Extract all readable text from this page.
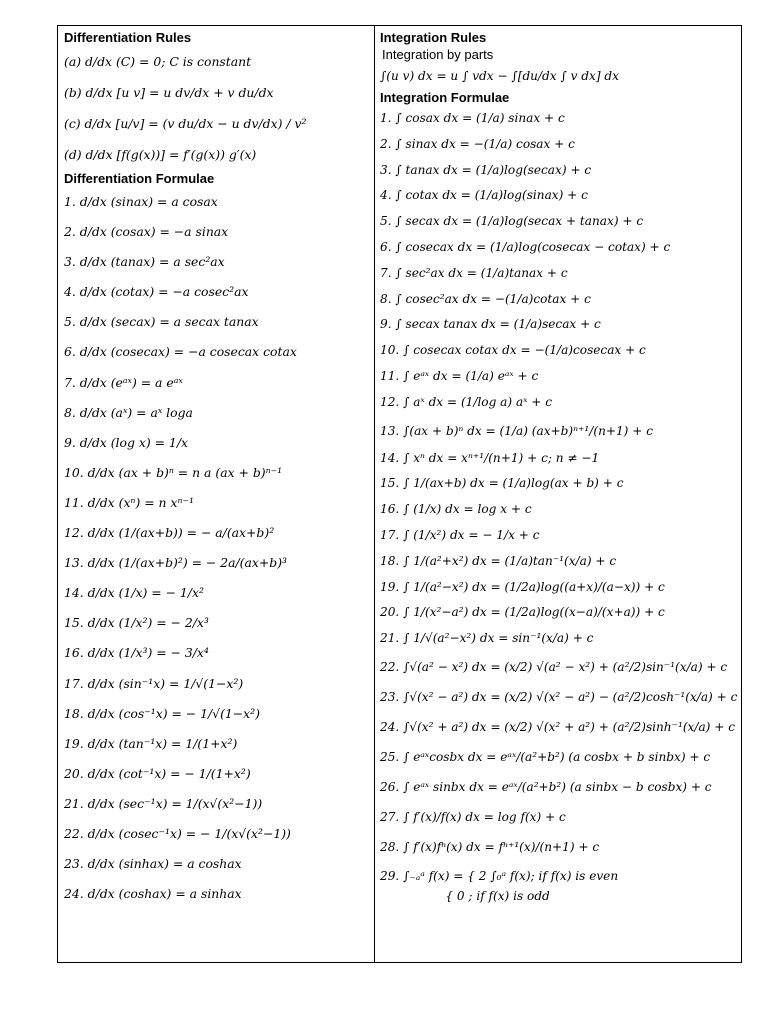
Differentiation Rules

(a) d/dx (C) = 0; C is constant

(b) d/dx [u v] = u dv/dx + v du/dx

(c) d/dx [u/v] = (v du/dx − u dv/dx) / v²

(d) d/dx [f(g(x))] = f′(g(x)) g′(x)

Differentiation Formulae

1. d/dx (sinax) = a cosax

2. d/dx (cosax) = −a sinax

3. d/dx (tanax) = a sec²ax

4. d/dx (cotax) = −a cosec²ax

5. d/dx (secax) = a secax tanax

6. d/dx (cosecax) = −a cosecax cotax

7. d/dx (eᵃˣ) = a eᵃˣ

8. d/dx (aˣ) = aˣ loga

9. d/dx (log x) = 1/x

10. d/dx (ax + b)ⁿ = n a (ax + b)ⁿ⁻¹

11. d/dx (xⁿ) = n xⁿ⁻¹

12. d/dx (1/(ax+b)) = − a/(ax+b)²

13. d/dx (1/(ax+b)²) = − 2a/(ax+b)³

14. d/dx (1/x) = − 1/x²

15. d/dx (1/x²) = − 2/x³

16. d/dx (1/x³) = − 3/x⁴

17. d/dx (sin⁻¹x) = 1/√(1−x²)

18. d/dx (cos⁻¹x) = − 1/√(1−x²)

19. d/dx (tan⁻¹x) = 1/(1+x²)

20. d/dx (cot⁻¹x) = − 1/(1+x²)

21. d/dx (sec⁻¹x) = 1/(x√(x²−1))

22. d/dx (cosec⁻¹x) = − 1/(x√(x²−1))

23. d/dx (sinhax) = a coshax

24. d/dx (coshax) = a sinhax

Integration Rules

Integration by parts

∫(u v) dx = u ∫ vdx − ∫[du/dx ∫ v dx] dx

Integration Formulae

1. ∫ cosax dx = (1/a) sinax + c

2. ∫ sinax dx = −(1/a) cosax + c

3. ∫ tanax dx = (1/a)log(secax) + c

4. ∫ cotax dx = (1/a)log(sinax) + c

5. ∫ secax dx = (1/a)log(secax + tanax) + c

6. ∫ cosecax dx = (1/a)log(cosecax − cotax) + c

7. ∫ sec²ax dx = (1/a)tanax + c

8. ∫ cosec²ax dx = −(1/a)cotax + c

9. ∫ secax tanax dx = (1/a)secax + c

10. ∫ cosecax cotax dx = −(1/a)cosecax + c

11. ∫ eᵃˣ dx = (1/a) eᵃˣ + c

12. ∫ aˣ dx = (1/log a) aˣ + c

13. ∫(ax + b)ⁿ dx = (1/a) (ax+b)ⁿ⁺¹/(n+1) + c

14. ∫ xⁿ dx = xⁿ⁺¹/(n+1) + c; n ≠ −1

15. ∫ 1/(ax+b) dx = (1/a)log(ax + b) + c

16. ∫ (1/x) dx = log x + c

17. ∫ (1/x²) dx = − 1/x + c

18. ∫ 1/(a²+x²) dx = (1/a)tan⁻¹(x/a) + c

19. ∫ 1/(a²−x²) dx = (1/2a)log((a+x)/(a−x)) + c

20. ∫ 1/(x²−a²) dx = (1/2a)log((x−a)/(x+a)) + c

21. ∫ 1/√(a²−x²) dx = sin⁻¹(x/a) + c

22. ∫√(a² − x²) dx = (x/2) √(a² − x²) + (a²/2)sin⁻¹(x/a) + c

23. ∫√(x² − a²) dx = (x/2) √(x² − a²) − (a²/2)cosh⁻¹(x/a) + c

24. ∫√(x² + a²) dx = (x/2) √(x² + a²) + (a²/2)sinh⁻¹(x/a) + c

25. ∫ eᵃˣcosbx dx = eᵃˣ/(a²+b²) (a cosbx + b sinbx) + c

26. ∫ eᵃˣ sinbx dx = eᵃˣ/(a²+b²) (a sinbx − b cosbx) + c

27. ∫ f′(x)/f(x) dx = log f(x) + c

28. ∫ f′(x)fⁿ(x) dx = fⁿ⁺¹(x)/(n+1) + c

29. ∫₋ₐᵃ f(x) = { 2 ∫₀ᵃ f(x); if f(x) is even
{ 0 ; if f(x) is odd
